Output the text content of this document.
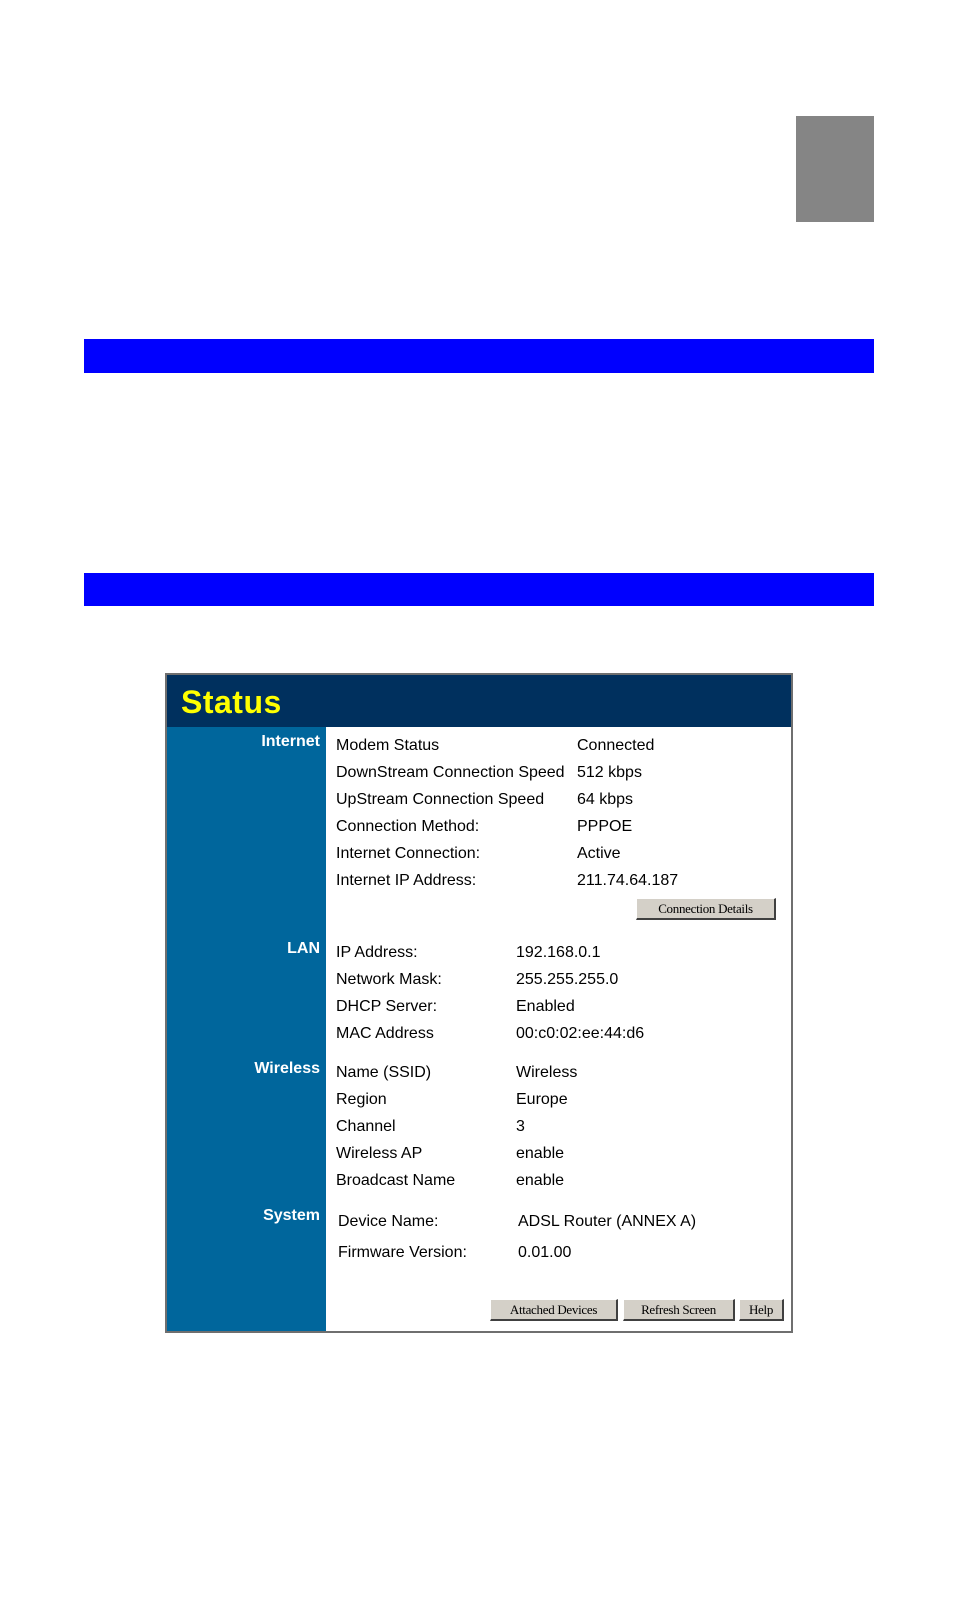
Status
Internet
LAN
Wireless
System
Modem Status	Connected
DownStream Connection Speed 512 kbps
UpStream Connection Speed 64 kbps
Connection Method:	PPPOE
Internet Connection:	Active
Internet IP Address:	211.74.64.187
Connection Details
IP Address:	192.168.0.1
Network Mask:	255.255.255.0
DHCP Server:	Enabled
MAC Address	00:c0:02:ee:44:d6
Name (SSID)	Wireless
Region	Europe
Channel	3
Wireless AP	enable
Broadcast Name	enable
Device Name:	ADSL Router (ANNEX A)
Firmware Version:	0.01.00
Attached Devices	Refresh Screen	Help
